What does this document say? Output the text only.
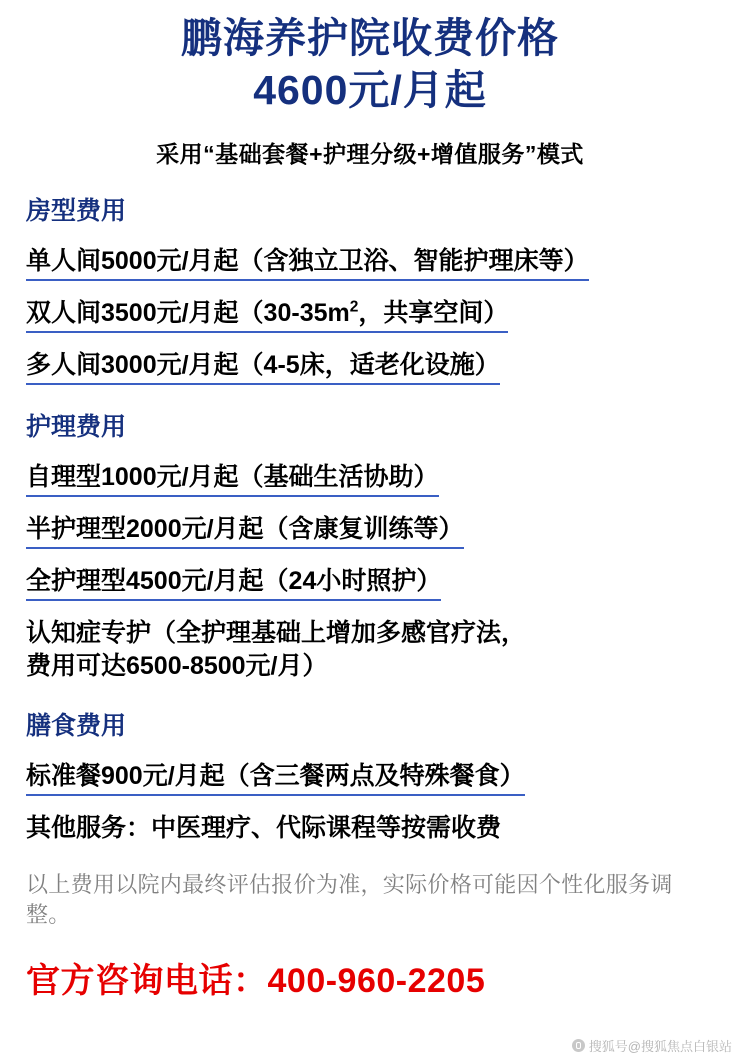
鹏海养护院收费价格
4600元/月起
采用“基础套餐+护理分级+增值服务”模式
房型费用
单人间5000元/月起（含独立卫浴、智能护理床等）
双人间3500元/月起（$30-35m^2$，共享空间）
多人间3000元/月起（4-5床，适老化设施）
护理费用
自理型1000元/月起（基础生活协助）
半护理型2000元/月起（含康复训练等）
全护理型4500元/月起（24小时照护）
认知症专护（全护理基础上增加多感官疗法，
费用可达6500-8500元/月）
膳食费用
标准餐900元/月起（含三餐两点及特殊餐食）
其他服务：中医理疗、代际课程等按需收费
以上费用以院内最终评估报价为准，实际价格可能因个性化服务调整。
官方咨询电话：400-960-2205
搜狐号@搜狐焦点白银站
